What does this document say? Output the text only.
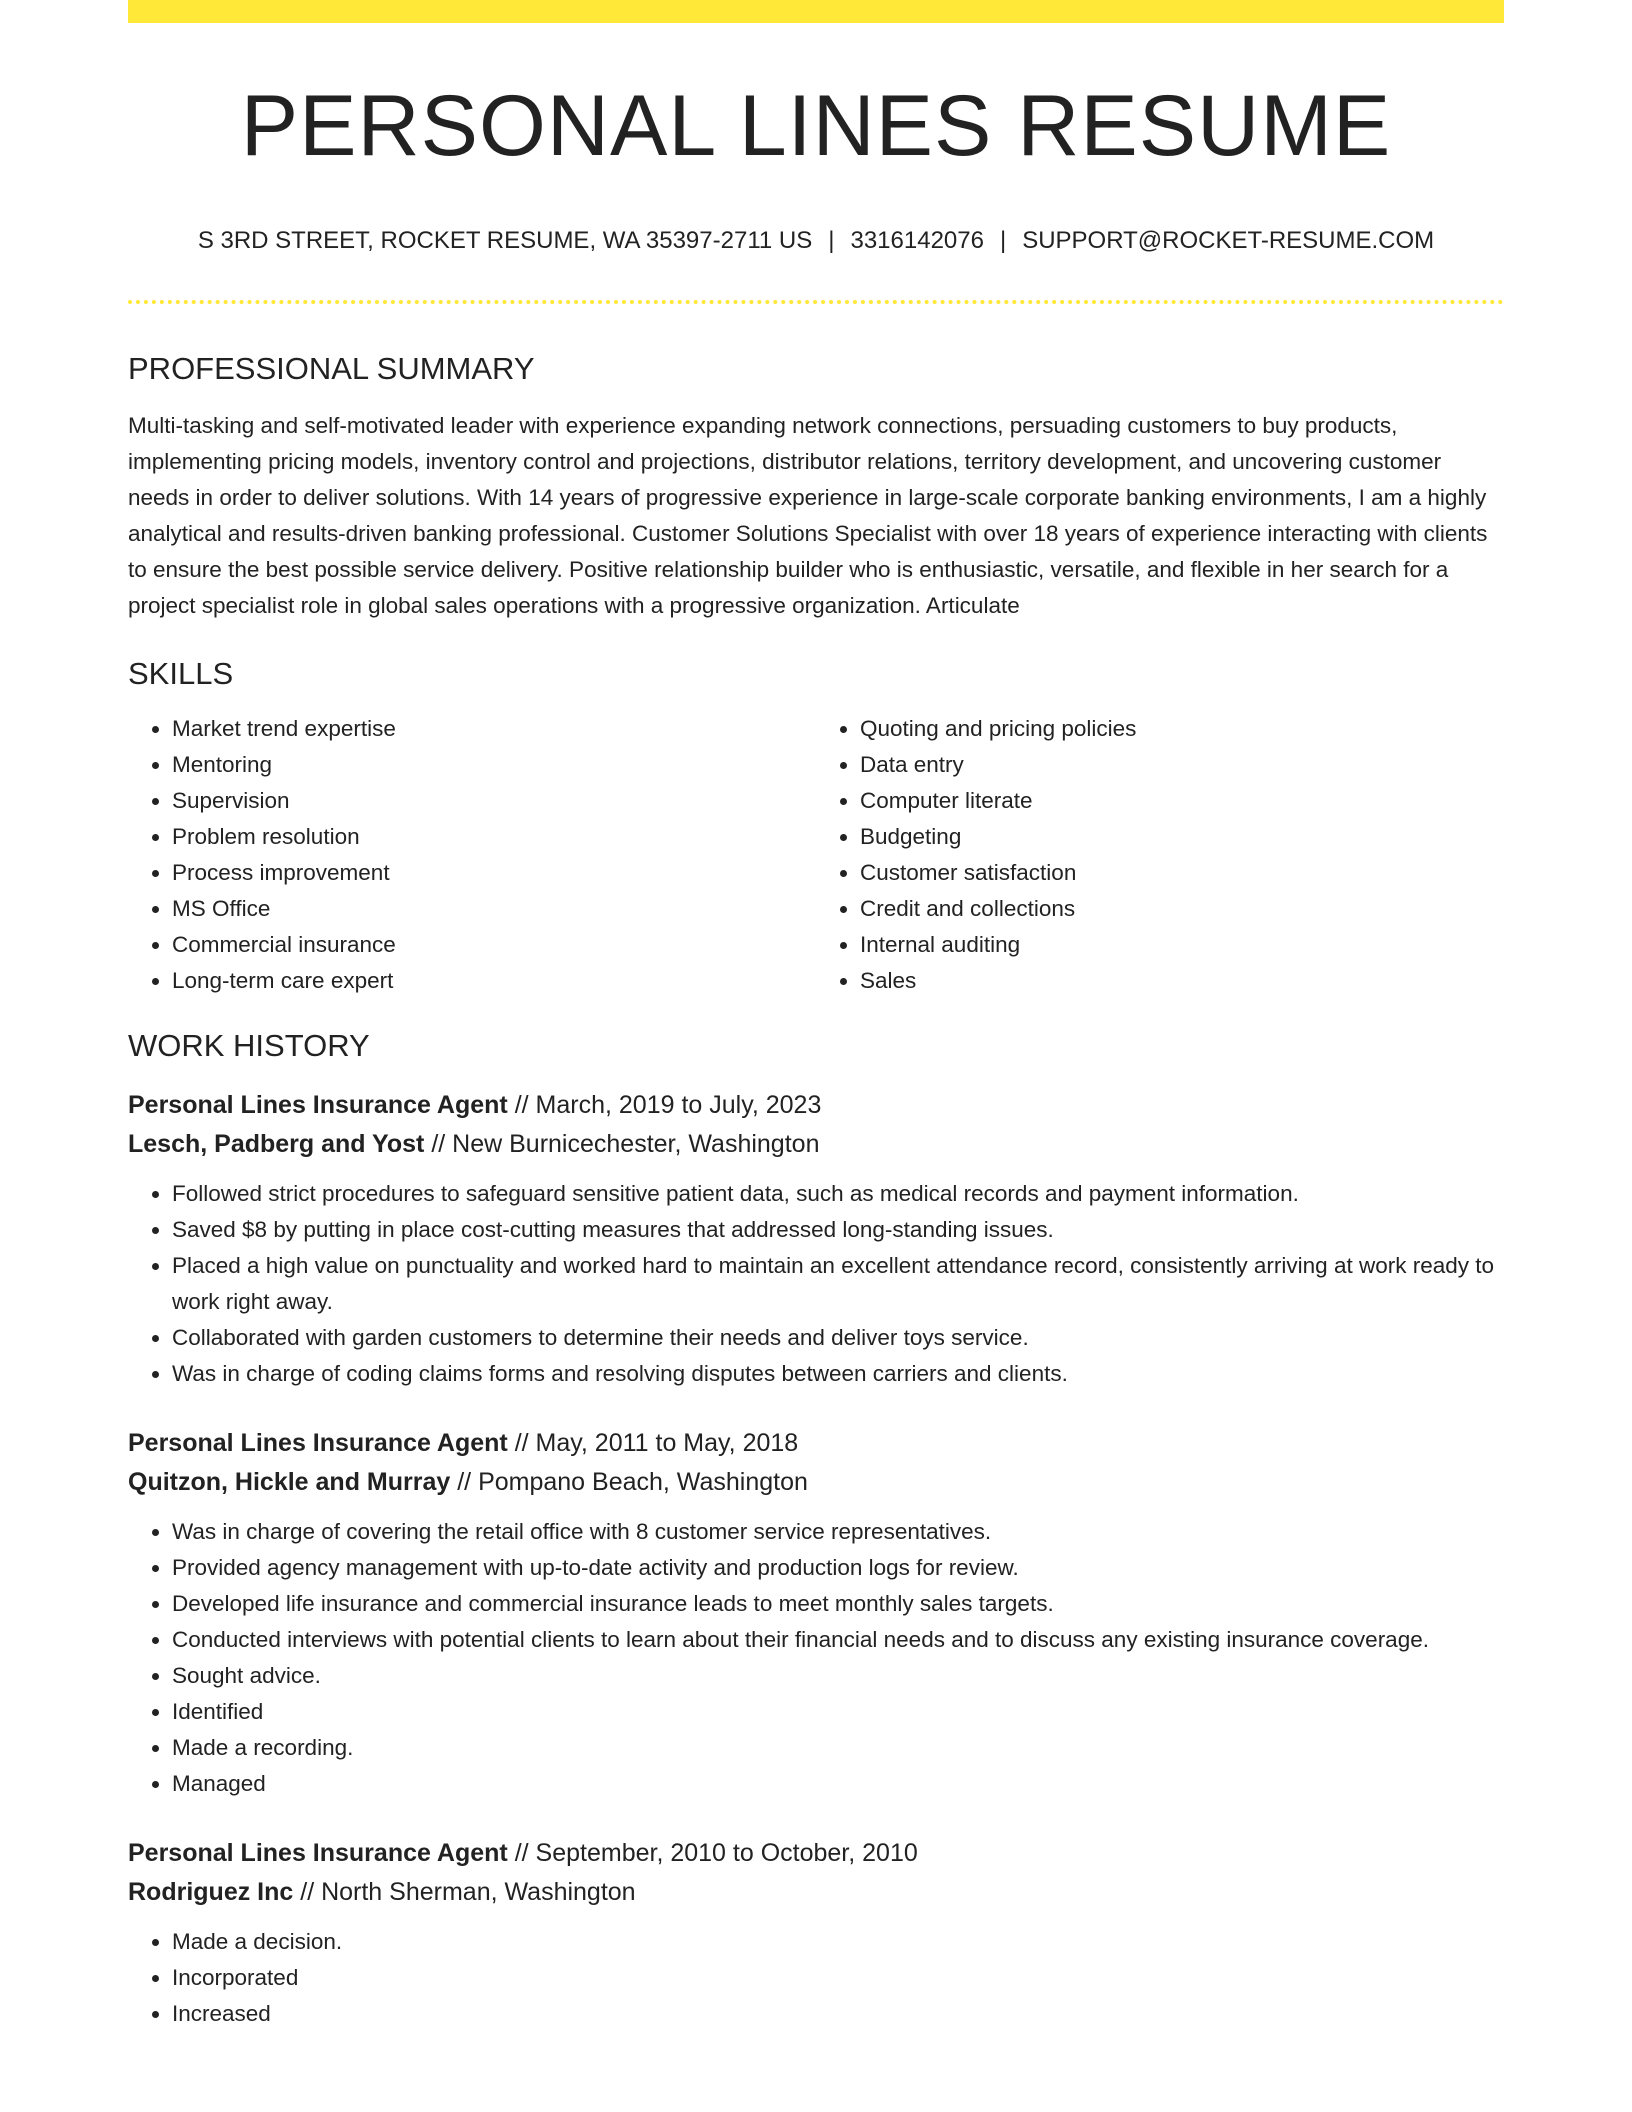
PERSONAL LINES RESUME
S 3RD STREET, ROCKET RESUME, WA 35397-2711 US | 3316142076 | SUPPORT@ROCKET-RESUME.COM
PROFESSIONAL SUMMARY

Multi-tasking and self-motivated leader with experience expanding network connections, persuading customers to buy products, implementing pricing models, inventory control and projections, distributor relations, territory development, and uncovering customer needs in order to deliver solutions. With 14 years of progressive experience in large-scale corporate banking environments, I am a highly analytical and results-driven banking professional. Customer Solutions Specialist with over 18 years of experience interacting with clients to ensure the best possible service delivery. Positive relationship builder who is enthusiastic, versatile, and flexible in her search for a project specialist role in global sales operations with a progressive organization. Articulate

SKILLS
• Market trend expertise
• Mentoring
• Supervision
• Problem resolution
• Process improvement
• MS Office
• Commercial insurance
• Long-term care expert
• Quoting and pricing policies
• Data entry
• Computer literate
• Budgeting
• Customer satisfaction
• Credit and collections
• Internal auditing
• Sales
WORK HISTORY
Personal Lines Insurance Agent // March, 2019 to July, 2023
Lesch, Padberg and Yost // New Burnicechester, Washington
• Followed strict procedures to safeguard sensitive patient data, such as medical records and payment information.
• Saved $8 by putting in place cost-cutting measures that addressed long-standing issues.
• Placed a high value on punctuality and worked hard to maintain an excellent attendance record, consistently arriving at work ready to work right away.
• Collaborated with garden customers to determine their needs and deliver toys service.
• Was in charge of coding claims forms and resolving disputes between carriers and clients.
Personal Lines Insurance Agent // May, 2011 to May, 2018
Quitzon, Hickle and Murray // Pompano Beach, Washington
• Was in charge of covering the retail office with 8 customer service representatives.
• Provided agency management with up-to-date activity and production logs for review.
• Developed life insurance and commercial insurance leads to meet monthly sales targets.
• Conducted interviews with potential clients to learn about their financial needs and to discuss any existing insurance coverage.
• Sought advice.
• Identified
• Made a recording.
• Managed
Personal Lines Insurance Agent // September, 2010 to October, 2010
Rodriguez Inc // North Sherman, Washington
• Made a decision.
• Incorporated
• Increased
